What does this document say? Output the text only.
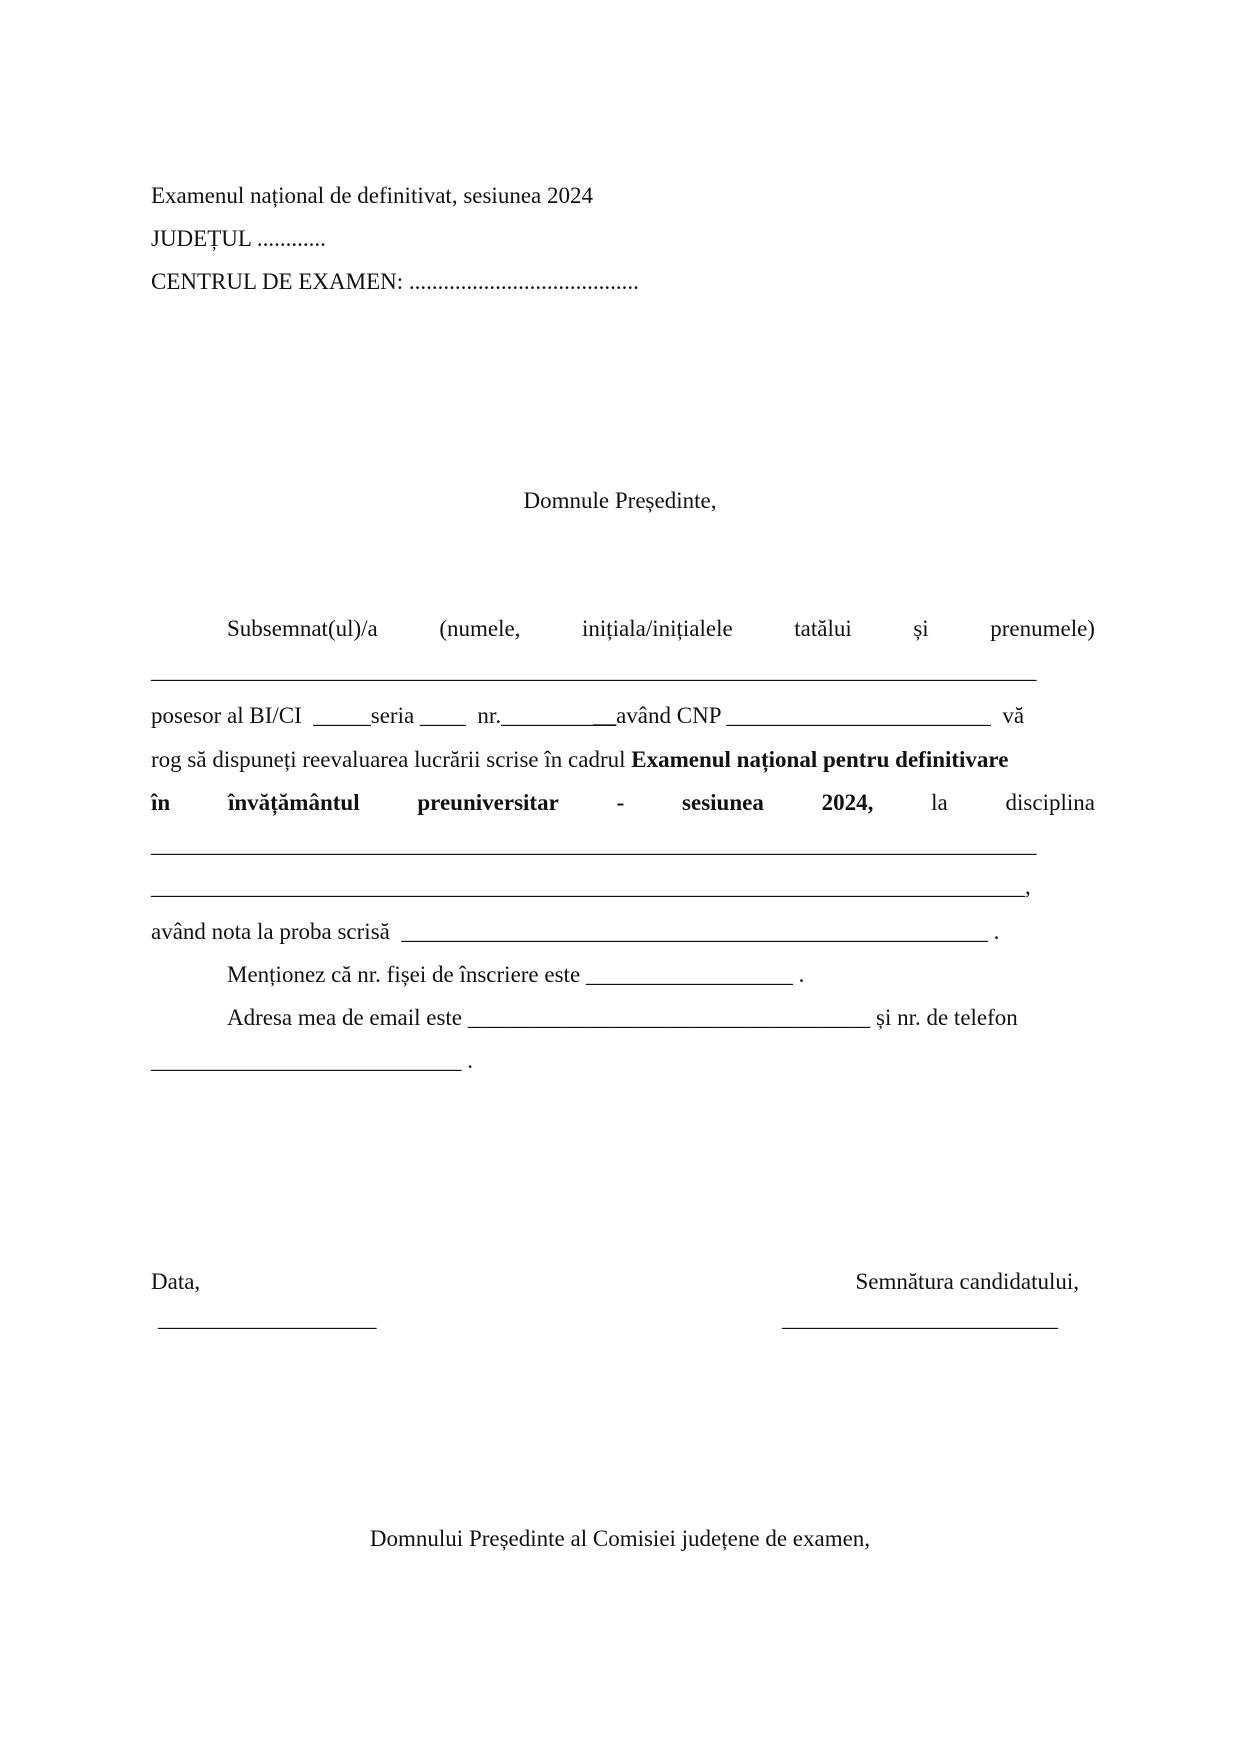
Examenul național de definitivat, sesiunea 2024
JUDEȚUL ............
CENTRUL DE EXAMEN: ........................................
Domnule Președinte,
Subsemnat(ul)/a	(numele,	inițiala/inițialele	tatălui	și	prenumele)
_____________________________________________________________________________
posesor al BI/CI  _____seria ____  nr.__________având CNP _______________________  vă
rog să dispuneți reevaluarea lucrării scrise în cadrul Examenul național pentru definitivare
în	învățământul	preuniversitar	-	sesiunea	2024,	la	disciplina
_____________________________________________________________________________
____________________________________________________________________________,
având nota la proba scrisă  ___________________________________________________ .
Menționez că nr. fișei de înscriere este __________________ .
Adresa mea de email este ___________________________________ și nr. de telefon
___________________________ .
Data,
___________________
Semnătura candidatului,
________________________
Domnului Președinte al Comisiei județene de examen,
